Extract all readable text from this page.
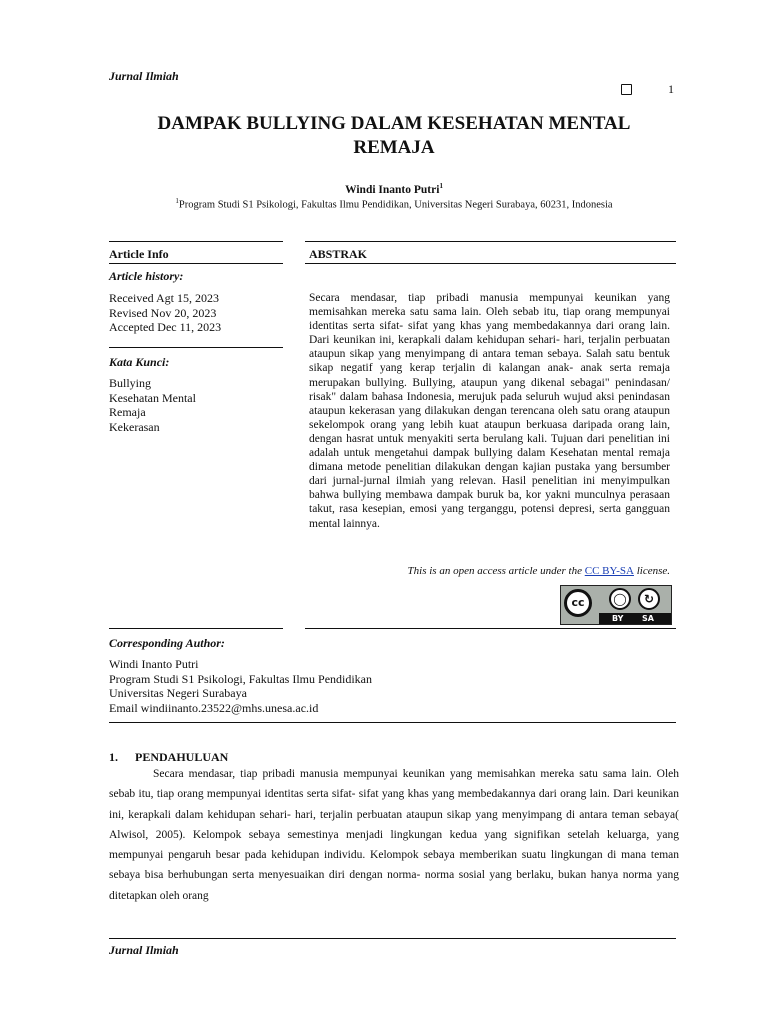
Jurnal Ilmiah
1
DAMPAK BULLYING DALAM KESEHATAN MENTAL
REMAJA
Windi Inanto Putri$^1$
$^1$Program Studi S1 Psikologi, Fakultas Ilmu Pendidikan, Universitas Negeri Surabaya, 60231, Indonesia
Article Info
Article history:
Received Agt 15, 2023
Revised Nov 20, 2023
Accepted Dec 11, 2023
Kata Kunci:
Bullying
Kesehatan Mental
Remaja
Kekerasan
ABSTRAK
Secara mendasar, tiap pribadi manusia mempunyai keunikan yang memisahkan mereka satu sama lain. Oleh sebab itu, tiap orang mempunyai identitas serta sifat- sifat yang khas yang membedakannya dari orang lain. Dari keunikan ini, kerapkali dalam kehidupan sehari- hari, terjalin perbuatan ataupun sikap yang menyimpang di antara teman sebaya. Salah satu bentuk sikap negatif yang kerap terjalin di kalangan anak- anak serta remaja merupakan bullying. Bullying, ataupun yang dikenal sebagai" penindasan/ risak" dalam bahasa Indonesia, merujuk pada seluruh wujud aksi penindasan ataupun kekerasan yang dilakukan dengan terencana oleh satu orang ataupun sekelompok orang yang lebih kuat ataupun berkuasa daripada orang lain, dengan hasrat untuk menyakiti serta berulang kali. Tujuan dari penelitian ini adalah untuk mengetahui dampak bullying dalam Kesehatan mental remaja dimana metode penelitian dilakukan dengan kajian pustaka yang bersumber dari jurnal-jurnal ilmiah yang relevan. Hasil penelitian ini menyimpulkan bahwa bullying membawa dampak buruk ba, kor yakni munculnya perasaan takut, rasa kesepian, emosi yang terganggu, potensi depresi, serta gangguan mental lainnya.
This is an open access article under the CC BY-SA license.
cc	◯	↻
BY SA
Corresponding Author:
Windi Inanto Putri
Program Studi S1 Psikologi, Fakultas Ilmu Pendidikan
Universitas Negeri Surabaya
Email windiinanto.23522@mhs.unesa.ac.id
1. PENDAHULUAN
Secara mendasar, tiap pribadi manusia mempunyai keunikan yang memisahkan mereka satu sama lain. Oleh sebab itu, tiap orang mempunyai identitas serta sifat- sifat yang khas yang membedakannya dari orang lain. Dari keunikan ini, kerapkali dalam kehidupan sehari- hari, terjalin perbuatan ataupun sikap yang menyimpang di antara teman sebaya( Alwisol, 2005). Kelompok sebaya semestinya menjadi lingkungan kedua yang signifikan setelah keluarga, yang mempunyai pengaruh besar pada kehidupan individu. Kelompok sebaya memberikan suatu lingkungan di mana teman sebaya bisa berhubungan serta menyesuaikan diri dengan norma- norma sosial yang berlaku, bukan hanya norma yang ditetapkan oleh orang
Jurnal Ilmiah
